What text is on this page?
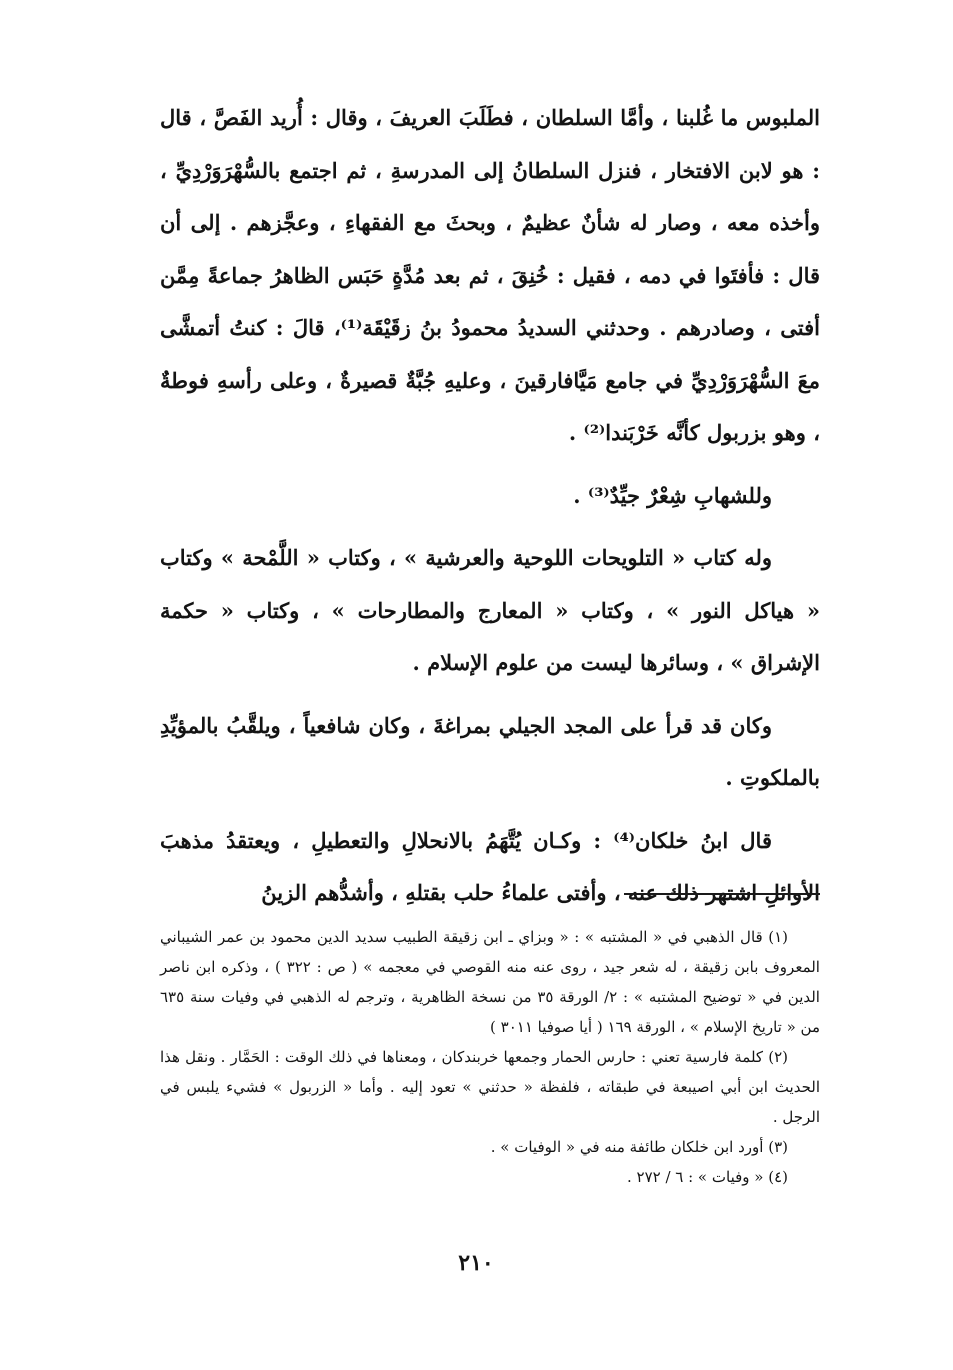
الملبوس ما غُلبنا ، وأمَّا السلطان ، فطَلَبَ العريفَ ، وقال : أُريد الفَصَّ ، قال : هو لابن الافتخار ، فنزل السلطانُ إلى المدرسةِ ، ثم اجتمع بالسُّهْرَوَرْدِيِّ ، وأخذه معه ، وصار له شأنٌ عظيمٌ ، وبحثَ مع الفقهاءِ ، وعجَّزهم . إلى أن قال : فأفتَوا في دمه ، فقيل : خُنِقَ ، ثم بعد مُدَّةٍ حَبَس الظاهرُ جماعةً مِمَّن أفتى ، وصادرهم . وحدثني السديدُ محمودُ بنُ زقَيْقَة⁽¹⁾، قالَ : كنتُ أتمشَّى معَ السُّهْرَوَرْدِيِّ في جامع مَيَّافارقينَ ، وعليهِ جُبَّةٌ قصيرةٌ ، وعلى رأسهِ فوطةٌ ، وهو بزربول كأنَّه خَرْبَندا⁽²⁾ .

وللشهابِ شِعْرٌ جيِّدٌ⁽³⁾ .

وله كتاب « التلويحات اللوحية والعرشية » ، وكتاب « اللَّمْحة » وكتاب « هياكل النور » ، وكتاب « المعارج والمطارحات » ، وكتاب « حكمة الإشراق » ، وسائرها ليست من علوم الإسلام .

وكان قد قرأ على المجد الجيلي بمراغةَ ، وكان شافعياً ، ويلقَّبُ بالمؤيِّدِ بالملكوتِ .

قال ابنُ خلكان⁽⁴⁾ : وكـان يُتَّهَمُ بالانحلالِ والتعطيلِ ، ويعتقدُ مذهبَ الأوائلِ اشتهر ذلك عنه ، وأفتى علماءُ حلب بقتلهِ ، وأشدُّهم الزينُ

(١) قال الذهبي في « المشتبه » : « وبزاي ـ ابن زقيقة الطبيب سديد الدين محمود بن عمر الشيباني المعروف بابن زقيقة ، له شعر جيد ، روى عنه منه القوصي في معجمه » ( ص : ٣٢٢ ) ، وذكره ابن ناصر الدين في « توضيح المشتبه » : ٢/ الورقة ٣٥ من نسخة الظاهرية ، وترجم له الذهبي في وفيات سنة ٦٣٥ من « تاريخ الإسلام » ، الورقة ١٦٩ ( أيا صوفيا ٣٠١١ )

(٢) كلمة فارسية تعني : حارس الحمار وجمعها خربندكان ، ومعناها في ذلك الوقت : الحَمَّار . ونقل هذا الحديث ابن أبي اصيبعة في طبقاته ، فلفظة « حدثني » تعود إليه . وأما « الزربول » فشيء يلبس في الرجل .

(٣) أورد ابن خلكان طائفة منه في « الوفيات » .

(٤) « وفيات » : ٦ / ٢٧٢ .

٢١٠
